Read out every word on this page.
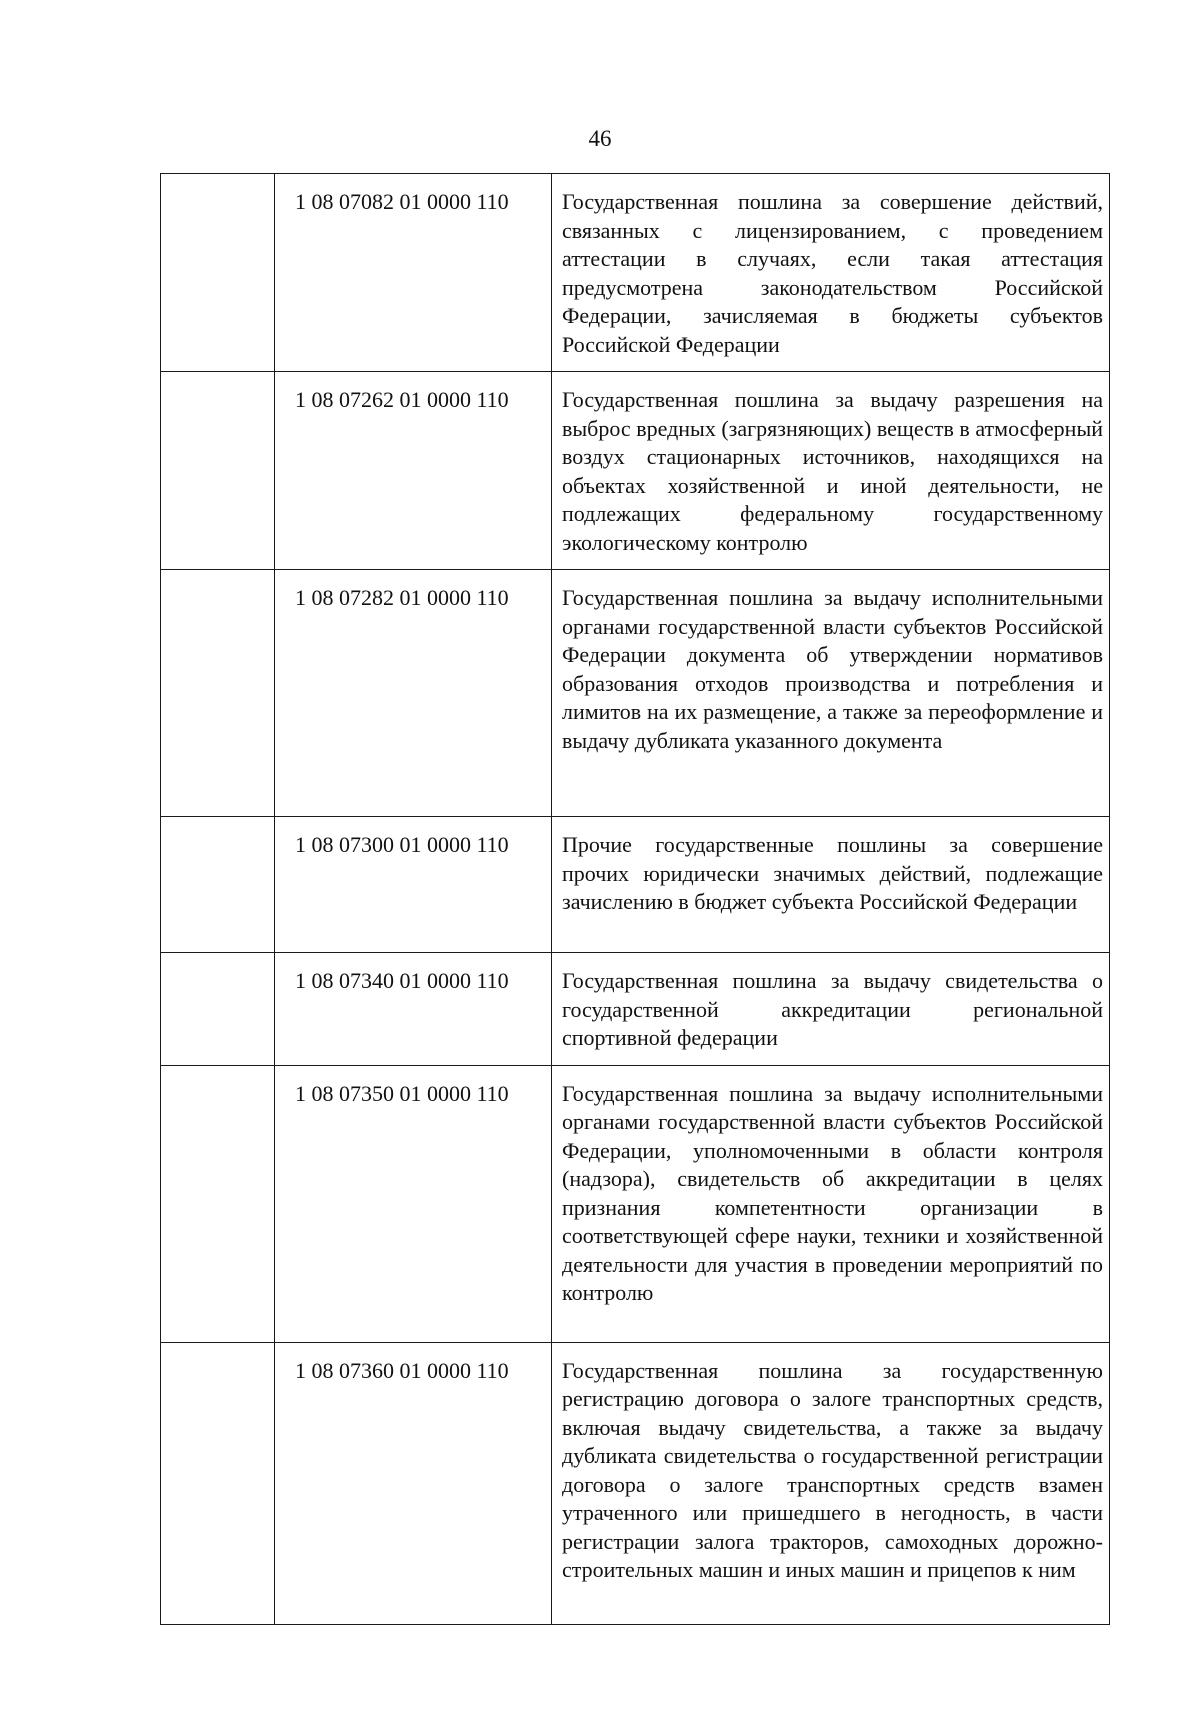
46
	1 08 07082 01 0000 110	Государственная пошлина за совершение действий, связанных с лицензированием, с проведением аттестации в случаях, если такая аттестация предусмотрена законодательством Российской Федерации, зачисляемая в бюджеты субъектов Российской Федерации
	1 08 07262 01 0000 110	Государственная пошлина за выдачу разрешения на выброс вредных (загрязняющих) веществ в атмосферный воздух стационарных источников, находящихся на объектах хозяйственной и иной деятельности, не подлежащих федеральному государственному экологическому контролю
	1 08 07282 01 0000 110	Государственная пошлина за выдачу исполнительными органами государственной власти субъектов Российской Федерации документа об утверждении нормативов образования отходов производства и потребления и лимитов на их размещение, а также за переоформление и выдачу дубликата указанного документа
	1 08 07300 01 0000 110	Прочие государственные пошлины за совершение прочих юридически значимых действий, подлежащие зачислению в бюджет субъекта Российской Федерации
	1 08 07340 01 0000 110	Государственная пошлина за выдачу свидетельства о государственной аккредитации региональной спортивной федерации
	1 08 07350 01 0000 110	Государственная пошлина за выдачу исполнительными органами государственной власти субъектов Российской Федерации, уполномоченными в области контроля (надзора), свидетельств об аккредитации в целях признания компетентности организации в соответствующей сфере науки, техники и хозяйственной деятельности для участия в проведении мероприятий по контролю
	1 08 07360 01 0000 110	Государственная пошлина за государственную регистрацию договора о залоге транспортных средств, включая выдачу свидетельства, а также за выдачу дубликата свидетельства о государственной регистрации договора о залоге транспортных средств взамен утраченного или пришедшего в негодность, в части регистрации залога тракторов, самоходных дорожно-строительных машин и иных машин и прицепов к ним
